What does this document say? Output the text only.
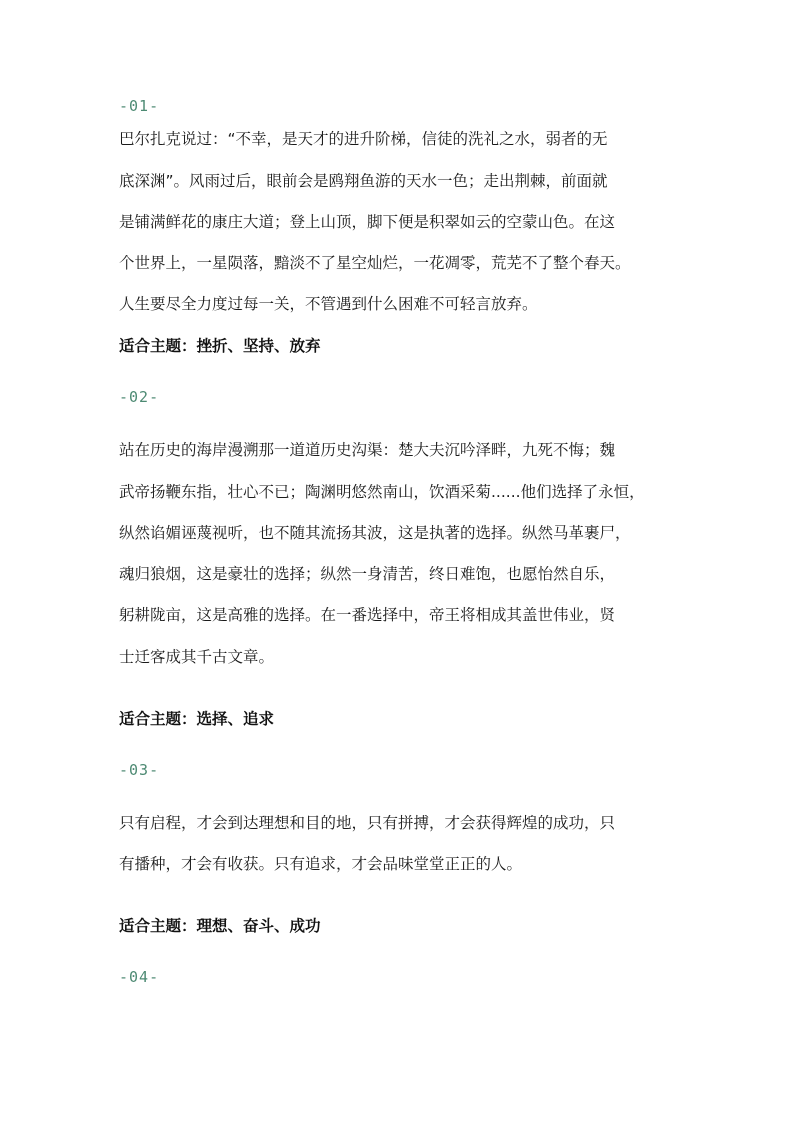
-01-
巴尔扎克说过：“不幸，是天才的进升阶梯，信徒的洗礼之水，弱者的无
底深渊”。风雨过后，眼前会是鸥翔鱼游的天水一色；走出荆棘，前面就
是铺满鲜花的康庄大道；登上山顶，脚下便是积翠如云的空蒙山色。在这
个世界上，一星陨落，黯淡不了星空灿烂，一花凋零，荒芜不了整个春天。
人生要尽全力度过每一关，不管遇到什么困难不可轻言放弃。
适合主题：挫折、坚持、放弃
-02-
站在历史的海岸漫溯那一道道历史沟渠：楚大夫沉吟泽畔，九死不悔；魏
武帝扬鞭东指，壮心不已；陶渊明悠然南山，饮酒采菊......他们选择了永恒，
纵然谄媚诬蔑视听，也不随其流扬其波，这是执著的选择。纵然马革裹尸，
魂归狼烟，这是豪壮的选择；纵然一身清苦，终日难饱，也愿怡然自乐，
躬耕陇亩，这是高雅的选择。在一番选择中，帝王将相成其盖世伟业，贤
士迁客成其千古文章。
适合主题：选择、追求
-03-
只有启程，才会到达理想和目的地，只有拼搏，才会获得辉煌的成功，只
有播种，才会有收获。只有追求，才会品味堂堂正正的人。
适合主题：理想、奋斗、成功
-04-
